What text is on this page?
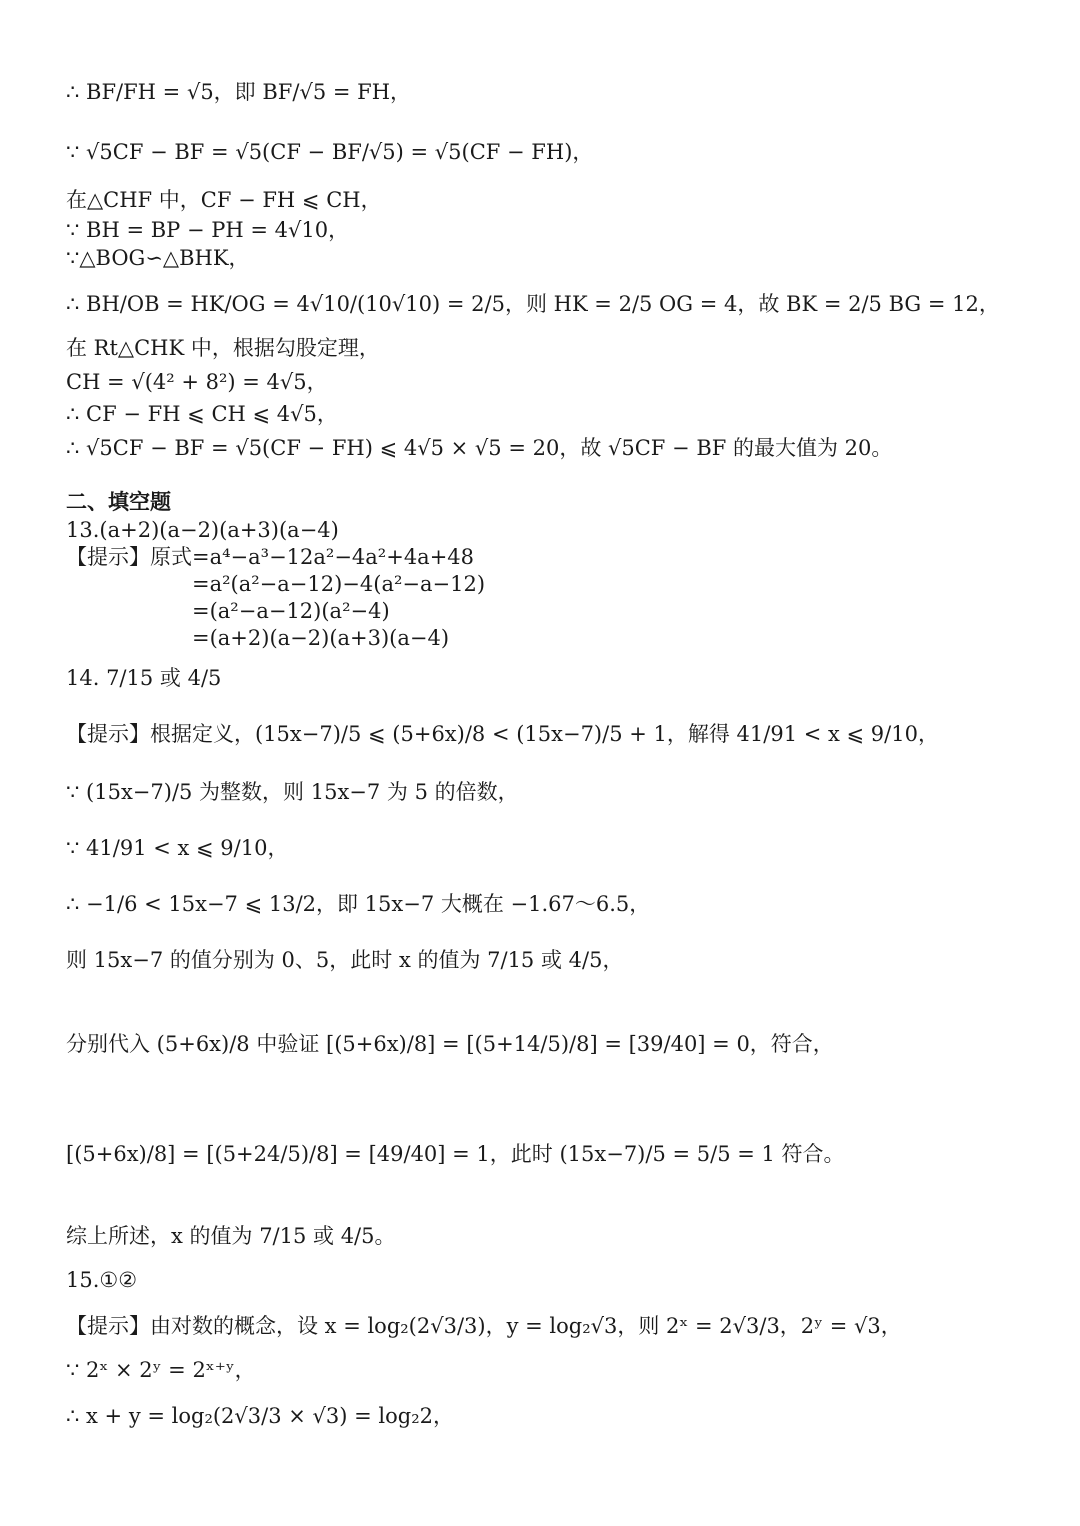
∴ BF/FH = √5，即 BF/√5 = FH，
∵ √5CF − BF = √5(CF − BF/√5) = √5(CF − FH)，
在△CHF 中，CF − FH ⩽ CH，
∵ BH = BP − PH = 4√10，
∵△BOG∽△BHK，
∴ BH/OB = HK/OG = 4√10/(10√10) = 2/5，则 HK = 2/5 OG = 4，故 BK = 2/5 BG = 12，
在 Rt△CHK 中，根据勾股定理，
CH = √(4² + 8²) = 4√5，
∴ CF − FH ⩽ CH ⩽ 4√5，
∴ √5CF − BF = √5(CF − FH) ⩽ 4√5 × √5 = 20，故 √5CF − BF 的最大值为 20。
二、填空题
13.(a+2)(a−2)(a+3)(a−4)
【提示】原式=a⁴−a³−12a²−4a²+4a+48
=a²(a²−a−12)−4(a²−a−12)
=(a²−a−12)(a²−4)
=(a+2)(a−2)(a+3)(a−4)
14. 7/15 或 4/5
【提示】根据定义，(15x−7)/5 ⩽ (5+6x)/8 < (15x−7)/5 + 1，解得 41/91 < x ⩽ 9/10，
∵ (15x−7)/5 为整数，则 15x−7 为 5 的倍数，
∵ 41/91 < x ⩽ 9/10，
∴ −1/6 < 15x−7 ⩽ 13/2，即 15x−7 大概在 −1.67～6.5，
则 15x−7 的值分别为 0、5，此时 x 的值为 7/15 或 4/5，
分别代入 (5+6x)/8 中验证 [(5+6x)/8] = [(5+14/5)/8] = [39/40] = 0，符合，
[(5+6x)/8] = [(5+24/5)/8] = [49/40] = 1，此时 (15x−7)/5 = 5/5 = 1 符合。
综上所述，x 的值为 7/15 或 4/5。
15.①②
【提示】由对数的概念，设 x = log₂(2√3/3)，y = log₂√3，则 2ˣ = 2√3/3，2ʸ = √3，
∵ 2ˣ × 2ʸ = 2ˣ⁺ʸ，
∴ x + y = log₂(2√3/3 × √3) = log₂2，
